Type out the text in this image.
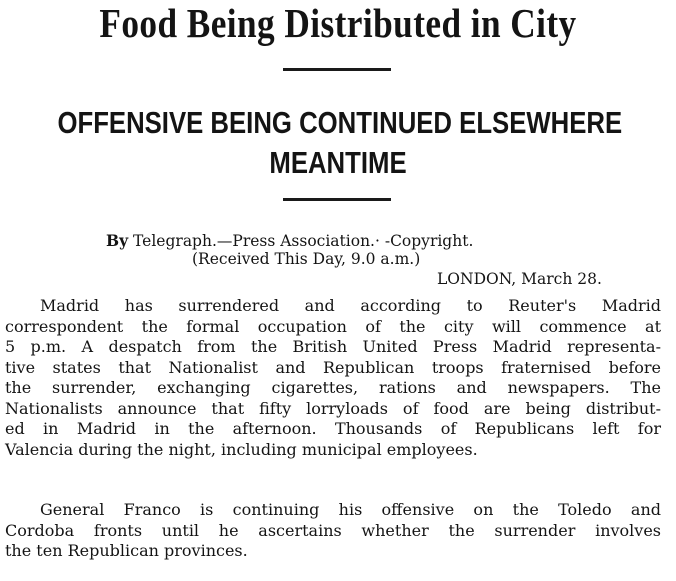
Food Being Distributed in City
OFFENSIVE BEING CONTINUED ELSEWHERE
MEANTIME
By Telegraph.—Press Association.· -Copyright.
(Received This Day, 9.0 a.m.)
LONDON, March 28.
Madrid has surrendered and according to Reuter's Madrid
correspondent the formal occupation of the city will commence at
5 p.m. A despatch from the British United Press Madrid representa-
tive states that Nationalist and Republican troops fraternised before
the surrender, exchanging cigarettes, rations and newspapers. The
Nationalists announce that fifty lorryloads of food are being distribut-
ed in Madrid in the afternoon. Thousands of Republicans left for
Valencia during the night, including municipal employees.
General Franco is continuing his offensive on the Toledo and
Cordoba fronts until he ascertains whether the surrender involves
the ten Republican provinces.
